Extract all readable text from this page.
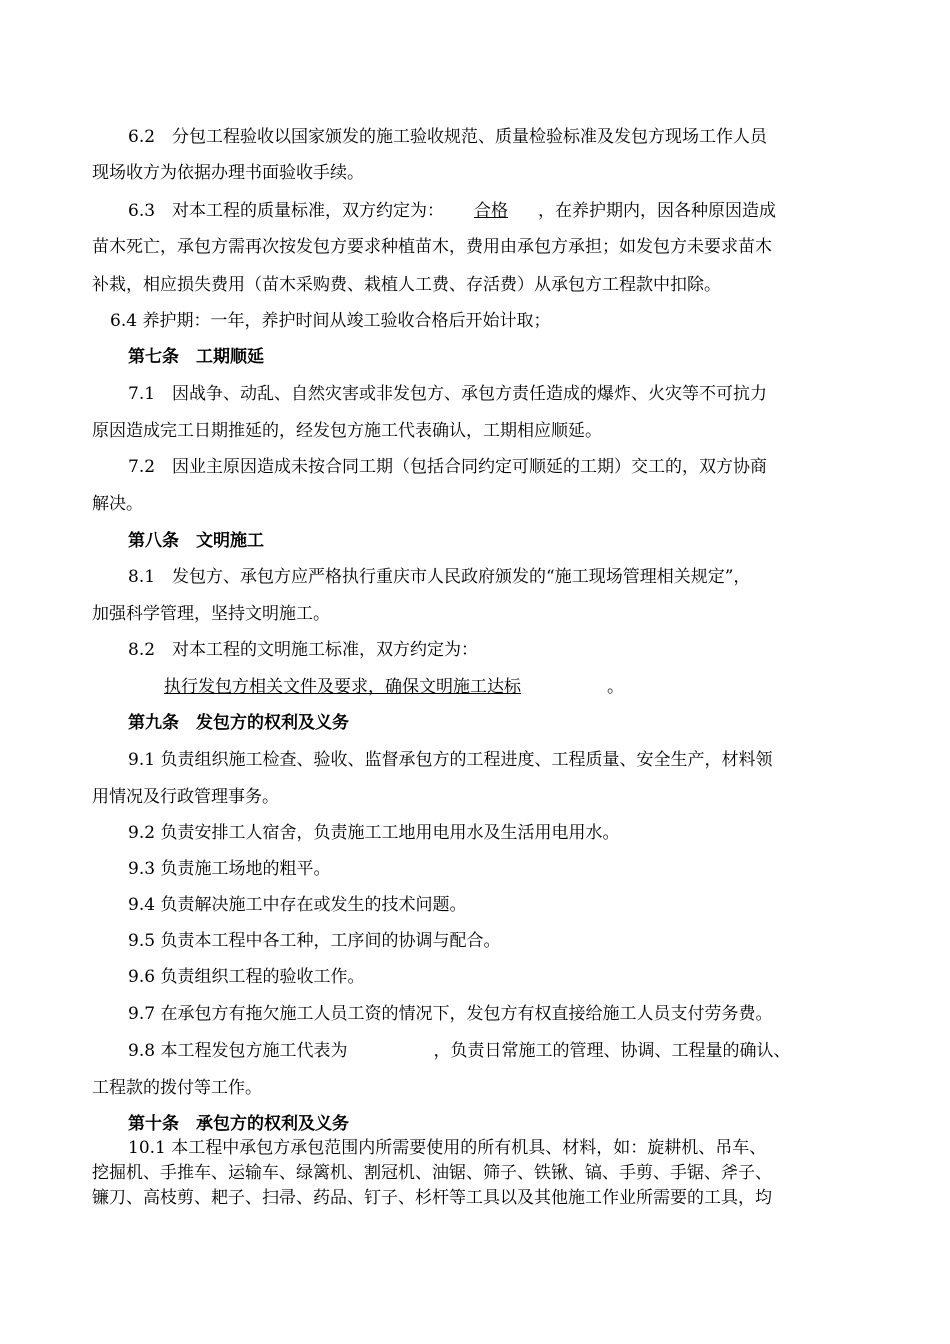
6.2　分包工程验收以国家颁发的施工验收规范、质量检验标准及发包方现场工作人员
现场收方为依据办理书面验收手续。
6.3　对本工程的质量标准，双方约定为： 合格 ，在养护期内，因各种原因造成
苗木死亡，承包方需再次按发包方要求种植苗木，费用由承包方承担；如发包方未要求苗木
补栽，相应损失费用（苗木采购费、栽植人工费、存活费）从承包方工程款中扣除。
6.4 养护期：一年，养护时间从竣工验收合格后开始计取；
第七条　工期顺延
7.1　因战争、动乱、自然灾害或非发包方、承包方责任造成的爆炸、火灾等不可抗力
原因造成完工日期推延的，经发包方施工代表确认，工期相应顺延。
7.2　因业主原因造成未按合同工期（包括合同约定可顺延的工期）交工的，双方协商
解决。
第八条　文明施工
8.1　发包方、承包方应严格执行重庆市人民政府颁发的“施工现场管理相关规定”，
加强科学管理，坚持文明施工。
8.2　对本工程的文明施工标准，双方约定为：
执行发包方相关文件及要求，确保文明施工达标	。
第九条　发包方的权利及义务
9.1 负责组织施工检查、验收、监督承包方的工程进度、工程质量、安全生产，材料领
用情况及行政管理事务。
9.2 负责安排工人宿舍，负责施工工地用电用水及生活用电用水。
9.3 负责施工场地的粗平。
9.4 负责解决施工中存在或发生的技术问题。
9.5 负责本工程中各工种，工序间的协调与配合。
9.6 负责组织工程的验收工作。
9.7 在承包方有拖欠施工人员工资的情况下，发包方有权直接给施工人员支付劳务费。
9.8 本工程发包方施工代表为	，负责日常施工的管理、协调、工程量的确认、
工程款的拨付等工作。
第十条　承包方的权利及义务
10.1 本工程中承包方承包范围内所需要使用的所有机具、材料，如：旋耕机、吊车、
挖掘机、手推车、运输车、绿篱机、割冠机、油锯、筛子、铁锹、镐、手剪、手锯、斧子、
镰刀、高枝剪、耙子、扫帚、药品、钉子、杉杆等工具以及其他施工作业所需要的工具，均
